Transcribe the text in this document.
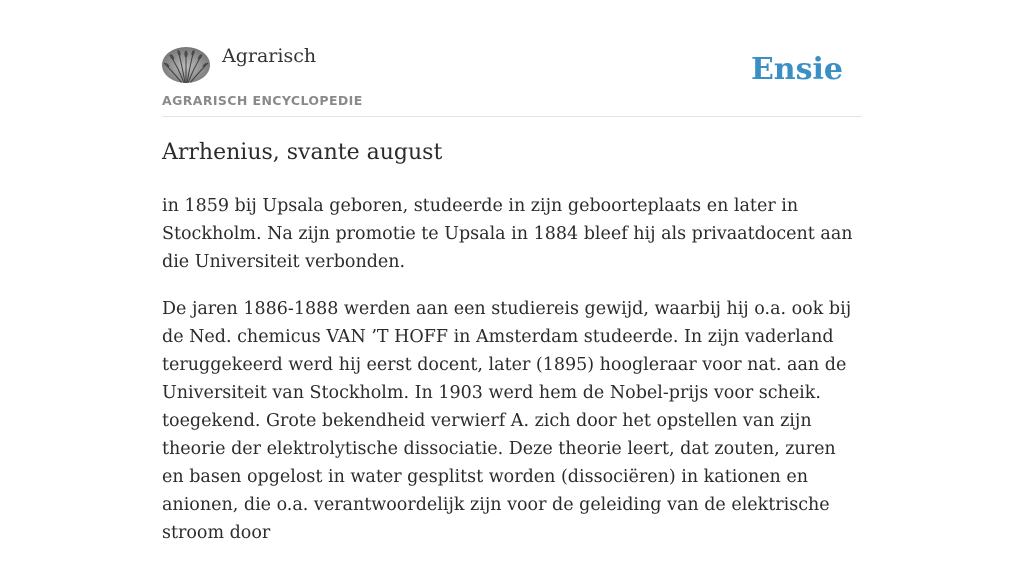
Agrarisch
AGRARISCH ENCYCLOPEDIE
Ensie
Arrhenius, svante august

in 1859 bij Upsala geboren, studeerde in zijn geboorteplaats en later in Stockholm. Na zijn promotie te Upsala in 1884 bleef hij als privaatdocent aan die Universiteit verbonden.

De jaren 1886-1888 werden aan een studiereis gewijd, waarbij hij o.a. ook bij de Ned. chemicus VAN ’T HOFF in Amsterdam studeerde. In zijn vaderland teruggekeerd werd hij eerst docent, later (1895) hoogleraar voor nat. aan de Universiteit van Stockholm. In 1903 werd hem de Nobel-prijs voor scheik. toegekend. Grote bekendheid verwierf A. zich door het opstellen van zijn theorie der elektrolytische dissociatie. Deze theorie leert, dat zouten, zuren en basen opgelost in water gesplitst worden (dissociëren) in kationen en anionen, die o.a. verantwoordelijk zijn voor de geleiding van de elektrische stroom door
